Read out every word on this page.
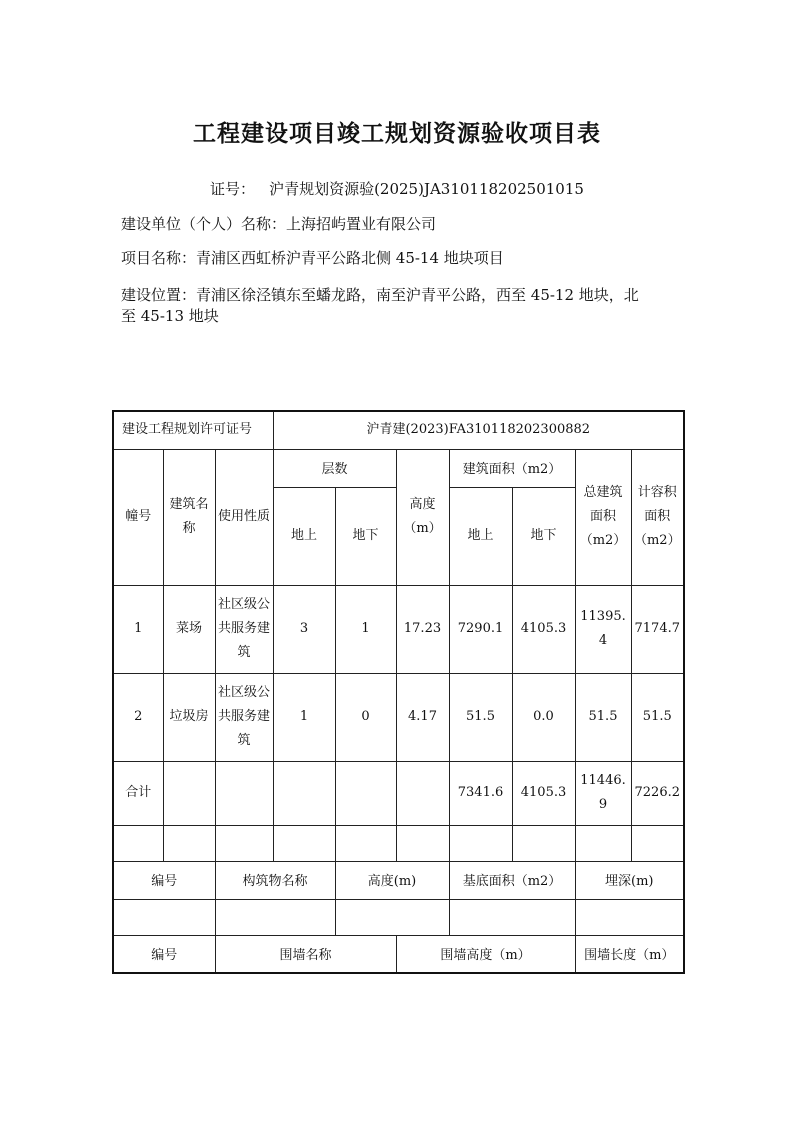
工程建设项目竣工规划资源验收项目表
证号： 沪青规划资源验(2025)JA310118202501015
建设单位（个人）名称：上海招屿置业有限公司
项目名称：青浦区西虹桥沪青平公路北侧 45-14 地块项目
建设位置：青浦区徐泾镇东至蟠龙路，南至沪青平公路，西至 45-12 地块，北
至 45-13 地块
建设工程规划许可证号			沪青建(2023)FA310118202300882						
幢号	建筑名称	使用性质	层数		高度（m）	建筑面积（m2）		总建筑面积（m2）	计容积面积（m2）
			地上	地下		地上	地下		
1	菜场	社区级公共服务建筑	3	1	17.23	7290.1	4105.3	11395.4	7174.7
2	垃圾房	社区级公共服务建筑	1	0	4.17	51.5	0.0	51.5	51.5
合计						7341.6	4105.3	11446.9	7226.2

编号		构筑物名称		高度(m)		基底面积（m2）		埋深(m)	

编号		围墙名称			围墙高度（m）			围墙长度（m）	
